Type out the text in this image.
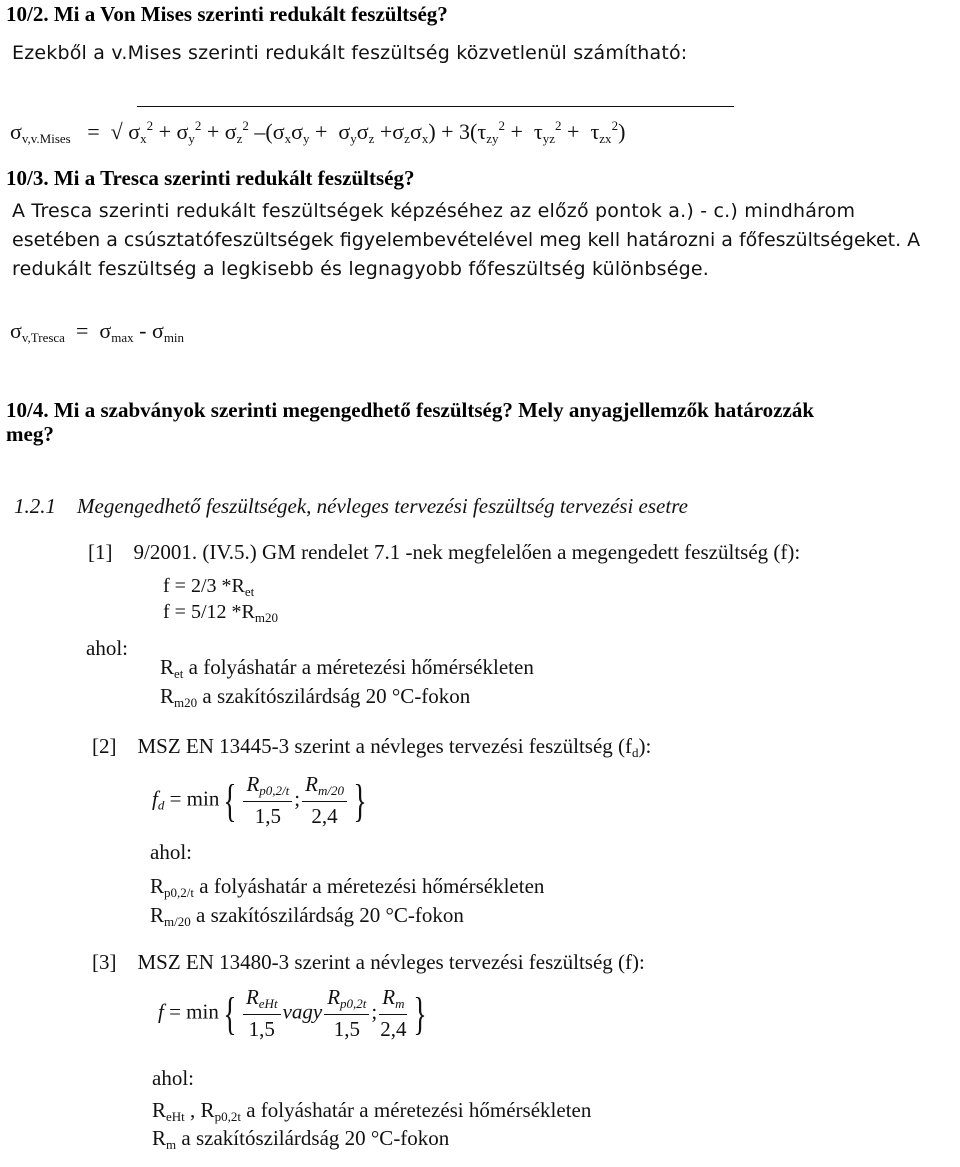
10/2. Mi a Von Mises szerinti redukált feszültség?
Ezekből a v.Mises szerinti redukált feszültség közvetlenül számítható:
$\sigma_{v,v.Mises}$   =  √ $\sigma_x^2 + \sigma_y^2 + \sigma_z^2$ $-(\sigma_x\sigma_y + \sigma_y\sigma_z +\sigma_z\sigma_x) + 3(\tau_{zy}^2 + \tau_{yz}^2 + \tau_{zx}^2)$
10/3. Mi a Tresca szerinti redukált feszültség?
A Tresca szerinti redukált feszültségek képzéséhez az előző pontok a.) - c.) mindhárom
esetében a csúsztatófeszültségek figyelembevételével meg kell határozni a főfeszültségeket. A
redukált feszültség a legkisebb és legnagyobb főfeszültség különbsége.
$\sigma_{v,Tresca} = \sigma_{max} - \sigma_{min}$
10/4. Mi a szabványok szerinti megengedhető feszültség? Mely anyagjellemzők határozzák
meg?
1.2.1 Megengedhető feszültségek, névleges tervezési feszültség tervezési esetre
[1] 9/2001. (IV.5.) GM rendelet 7.1 -nek megfelelően a megengedett feszültség (f):
f = 2/3 $*R_{et}$
f = 5/12 $*R_{m20}$
ahol:
$R_{et}$ a folyáshatár a méretezési hőmérsékleten
$R_{m20}$ a szakítószilárdság 20 °C-fokon
[2] MSZ EN 13445-3 szerint a névleges tervezési feszültség $(f_d)$:
$f_d = \min\{ \frac{R_{p0,2/t}}{1,5}$ ; $\frac{R_{m/20}}{2,4}$ }
ahol:
$R_{p0,2/t}$ a folyáshatár a méretezési hőmérsékleten
$R_{m/20}$ a szakítószilárdság 20 °C-fokon
[3] MSZ EN 13480-3 szerint a névleges tervezési feszültség (f):
$f = \min\{ \frac{R_{eHt}}{1,5}$ vagy $\frac{R_{p0,2t}}{1,5}$ ; $\frac{R_m}{2,4}$ }
ahol:
$R_{eHt}$ , $R_{p0,2t}$ a folyáshatár a méretezési hőmérsékleten
$R_m$ a szakítószilárdság 20 °C-fokon
